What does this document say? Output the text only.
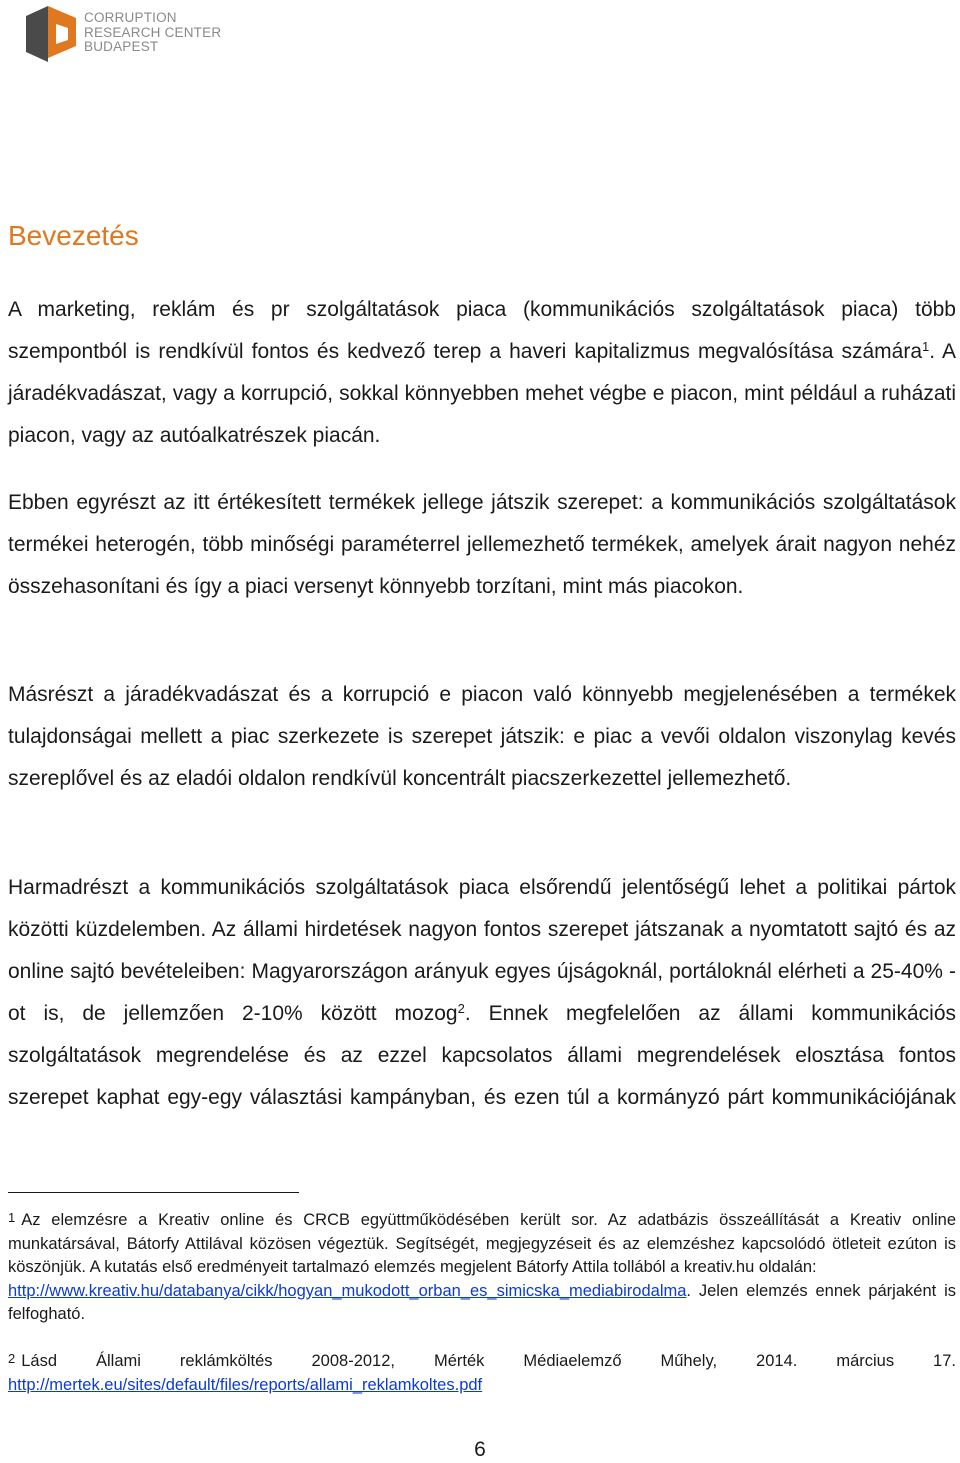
CORRUPTION
RESEARCH CENTER
BUDAPEST
Bevezetés

A marketing, reklám és pr szolgáltatások piaca (kommunikációs szolgáltatások piaca) több szempontból is rendkívül fontos és kedvező terep a haveri kapitalizmus megvalósítása számára$^1$. A járadékvadászat, vagy a korrupció, sokkal könnyebben mehet végbe e piacon, mint például a ruházati piacon, vagy az autóalkatrészek piacán.

Ebben egyrészt az itt értékesített termékek jellege játszik szerepet: a kommunikációs szolgáltatások termékei heterogén, több minőségi paraméterrel jellemezhető termékek, amelyek árait nagyon nehéz összehasonítani és így a piaci versenyt könnyebb torzítani, mint más piacokon.

Másrészt a járadékvadászat és a korrupció e piacon való könnyebb megjelenésében a termékek tulajdonságai mellett a piac szerkezete is szerepet játszik: e piac a vevői oldalon viszonylag kevés szereplővel és az eladói oldalon rendkívül koncentrált piacszerkezettel jellemezhető.

Harmadrészt a kommunikációs szolgáltatások piaca elsőrendű jelentőségű lehet a politikai pártok közötti küzdelemben. Az állami hirdetések nagyon fontos szerepet játszanak a nyomtatott sajtó és az online sajtó bevételeiben: Magyarországon arányuk egyes újságoknál, portáloknál elérheti a 25-40% -ot is, de jellemzően 2-10% között mozog$^2$. Ennek megfelelően az állami kommunikációs szolgáltatások megrendelése és az ezzel kapcsolatos állami megrendelések elosztása fontos szerepet kaphat egy-egy választási kampányban, és ezen túl a kormányzó párt kommunikációjának

1 Az elemzésre a Kreativ online és CRCB együttműködésében került sor. Az adatbázis összeállítását a Kreativ online munkatársával, Bátorfy Attilával közösen végeztük. Segítségét, megjegyzéseit és az elemzéshez kapcsolódó ötleteit ezúton is köszönjük. A kutatás első eredményeit tartalmazó elemzés megjelent Bátorfy Attila tollából a kreativ.hu oldalán:
http://www.kreativ.hu/databanya/cikk/hogyan_mukodott_orban_es_simicska_mediabirodalma. Jelen elemzés ennek párjaként is felfogható.

2 Lásd Állami reklámköltés 2008-2012, Mérték Médiaelemző Műhely, 2014. március 17.
http://mertek.eu/sites/default/files/reports/allami_reklamkoltes.pdf

6
